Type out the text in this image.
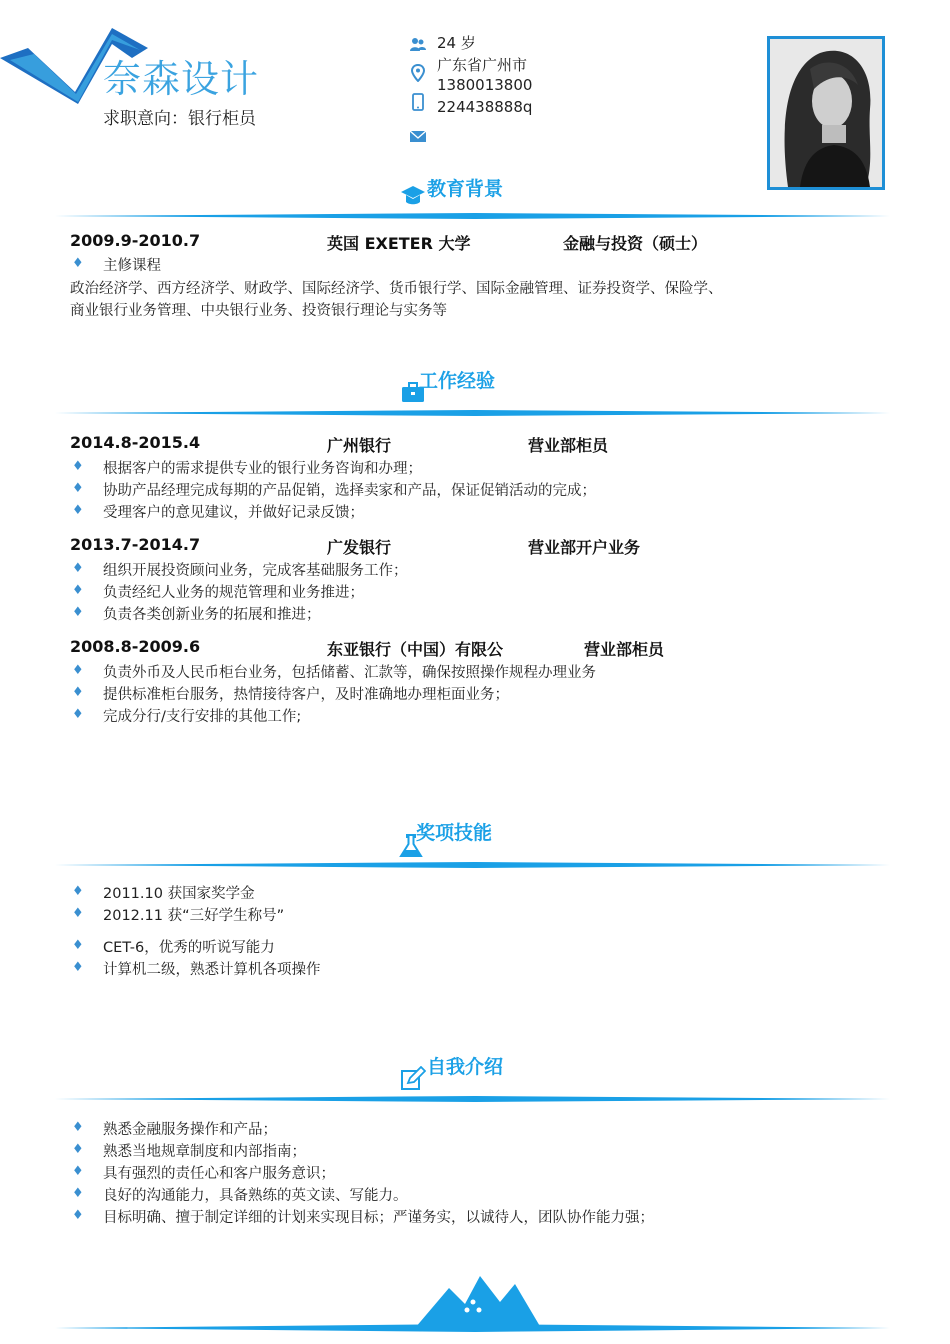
奈森设计
求职意向：银行柜员
24 岁
广东省广州市
1380013800
224438888q
教育背景
2009.9-2010.7	英国 EXETER 大学	金融与投资（硕士）
♦ 主修课程
政治经济学、西方经济学、财政学、国际经济学、货币银行学、国际金融管理、证券投资学、保险学、
商业银行业务管理、中央银行业务、投资银行理论与实务等
工作经验
2014.8-2015.4	广州银行	营业部柜员
♦ 根据客户的需求提供专业的银行业务咨询和办理；
♦ 协助产品经理完成每期的产品促销，选择卖家和产品，保证促销活动的完成；
♦ 受理客户的意见建议，并做好记录反馈；
2013.7-2014.7	广发银行	营业部开户业务
♦ 组织开展投资顾问业务，完成客基础服务工作；
♦ 负责经纪人业务的规范管理和业务推进；
♦ 负责各类创新业务的拓展和推进；
2008.8-2009.6	东亚银行（中国）有限公	营业部柜员
♦ 负责外币及人民币柜台业务，包括储蓄、汇款等，确保按照操作规程办理业务
♦ 提供标准柜台服务，热情接待客户，及时准确地办理柜面业务；
♦ 完成分行/支行安排的其他工作;
奖项技能
♦ 2011.10 获国家奖学金
♦ 2012.11 获“三好学生称号”
♦ CET-6，优秀的听说写能力
♦ 计算机二级，熟悉计算机各项操作
自我介绍
♦ 熟悉金融服务操作和产品；
♦ 熟悉当地规章制度和内部指南；
♦ 具有强烈的责任心和客户服务意识；
♦ 良好的沟通能力，具备熟练的英文读、写能力。
♦ 目标明确、擅于制定详细的计划来实现目标；严谨务实，以诚待人，团队协作能力强；
